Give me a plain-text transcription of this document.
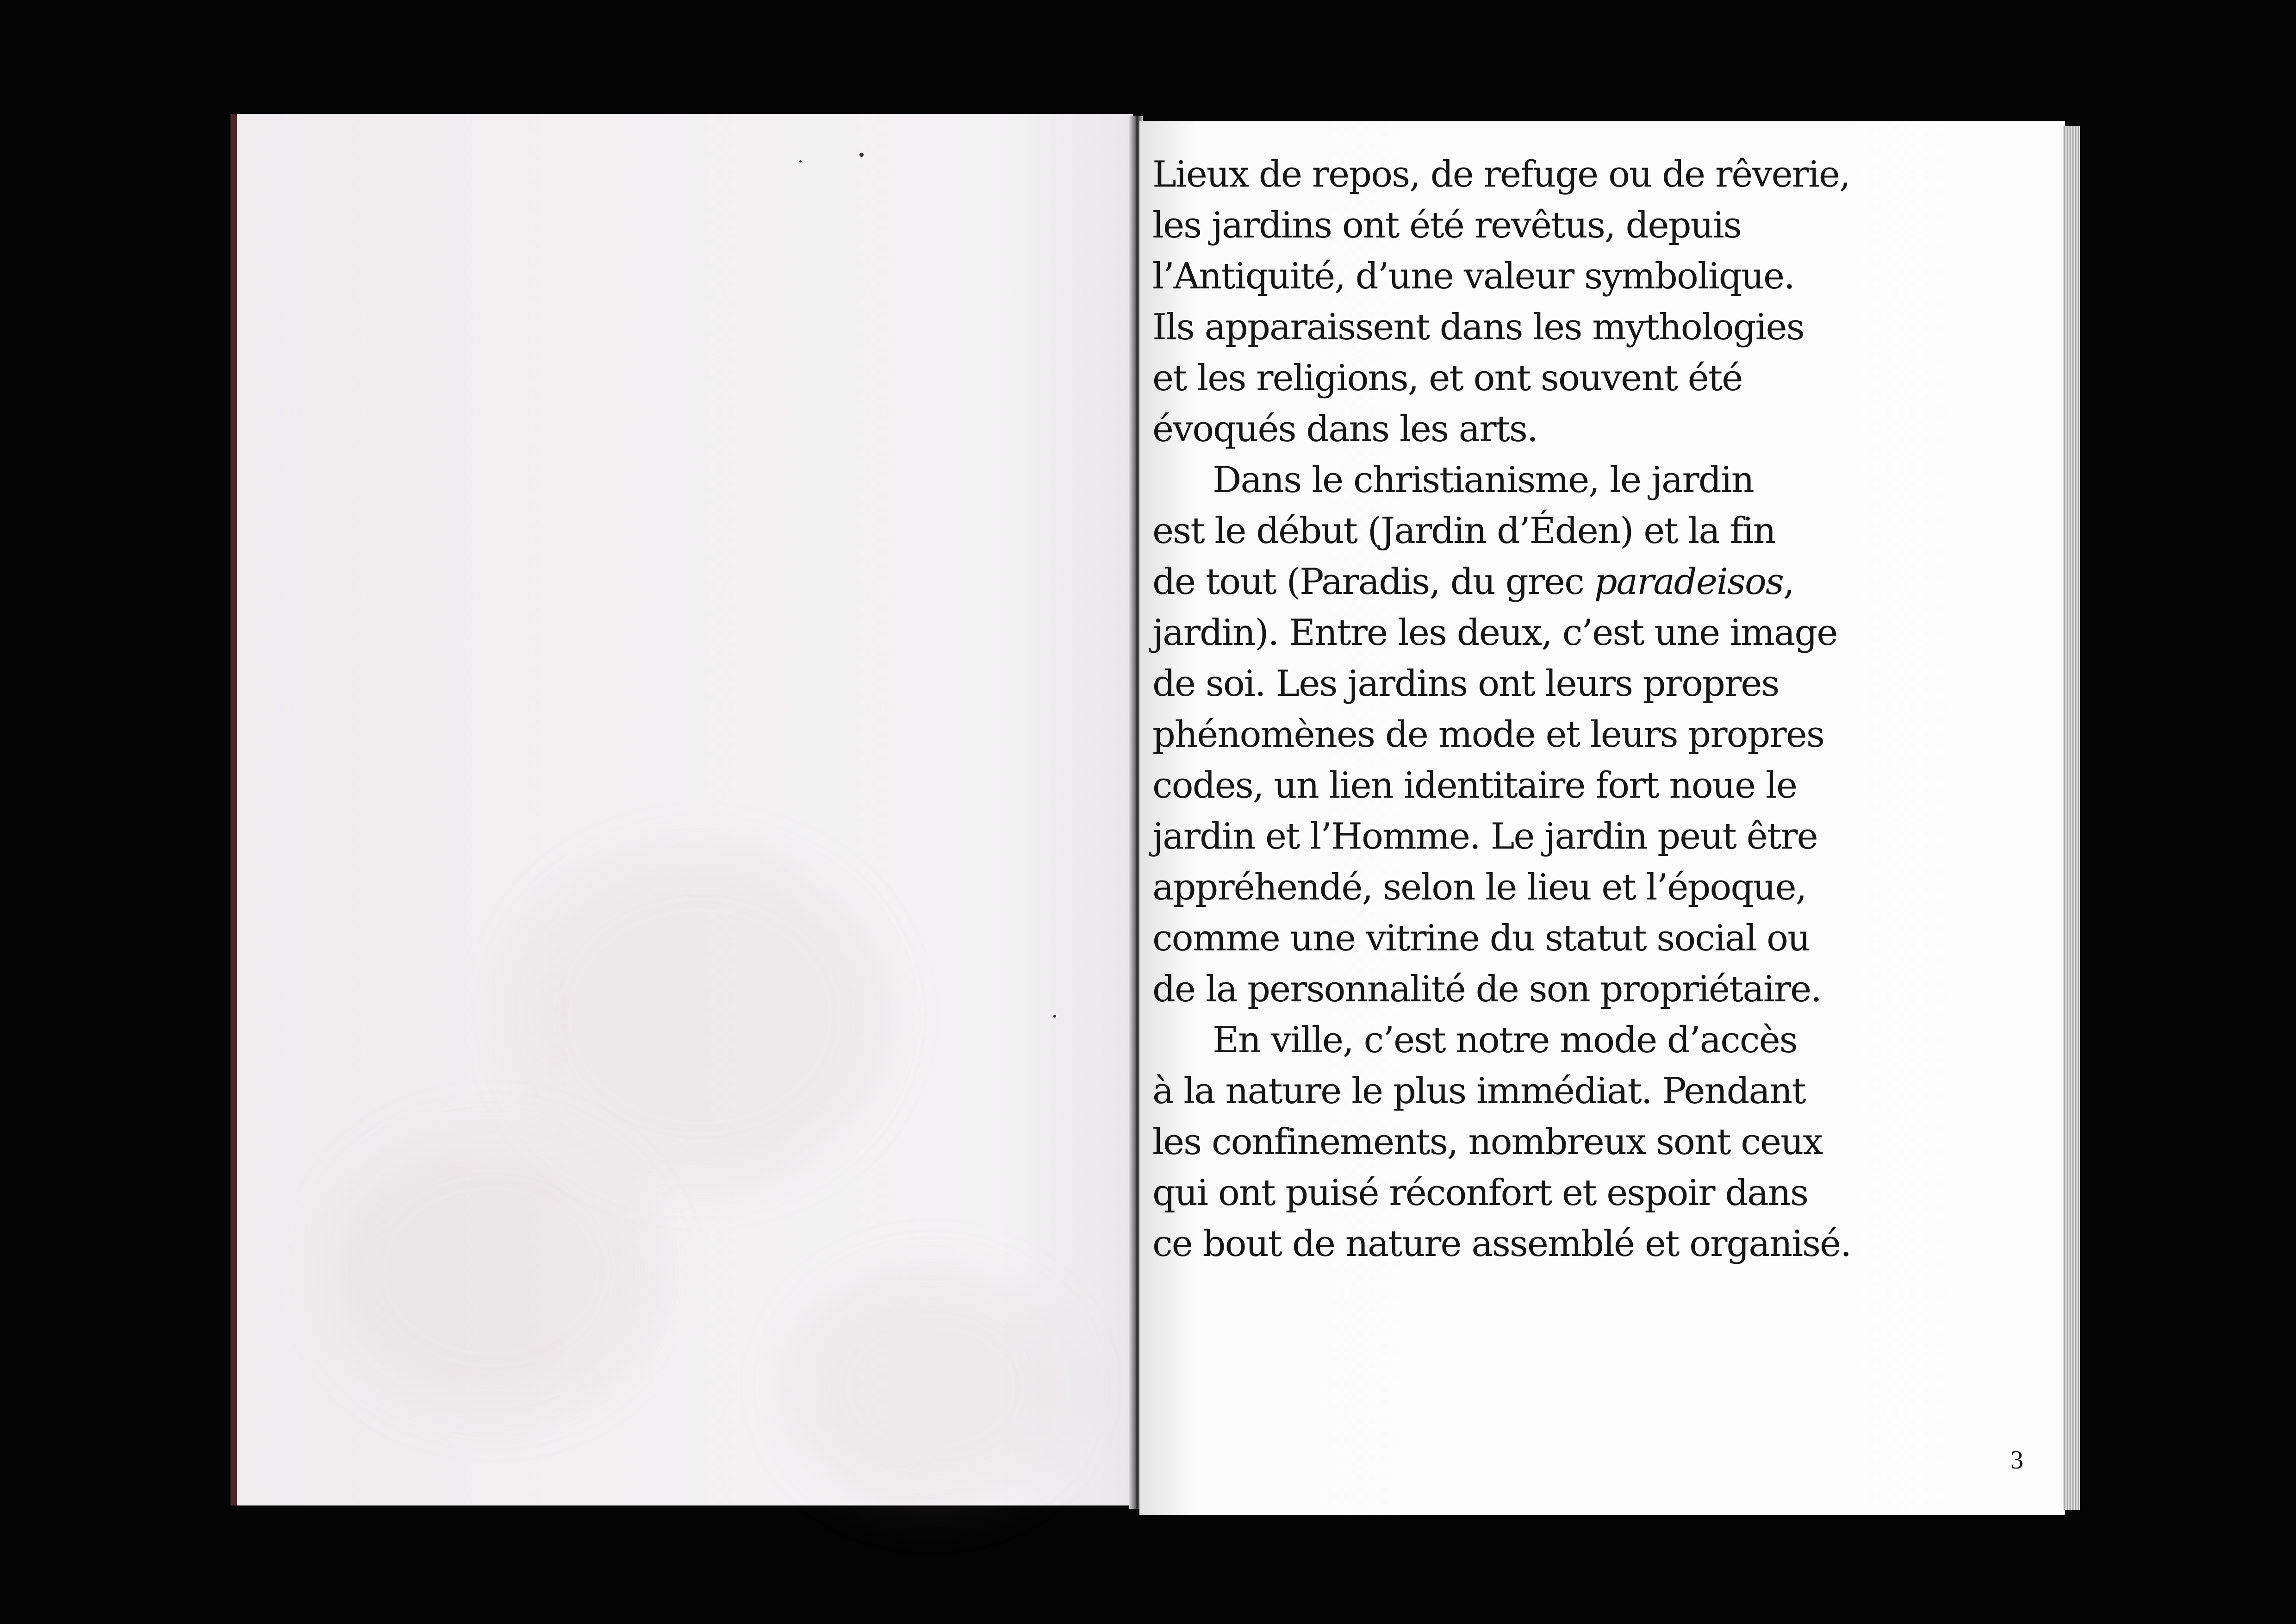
Lieux de repos, de refuge ou de rêverie,
les jardins ont été revêtus, depuis
l’Antiquité, d’une valeur symbolique.
Ils apparaissent dans les mythologies
et les religions, et ont souvent été
évoqués dans les arts.
Dans le christianisme, le jardin
est le début (Jardin d’Éden) et la fin
de tout (Paradis, du grec paradeisos,
jardin). Entre les deux, c’est une image
de soi. Les jardins ont leurs propres
phénomènes de mode et leurs propres
codes, un lien identitaire fort noue le
jardin et l’Homme. Le jardin peut être
appréhendé, selon le lieu et l’époque,
comme une vitrine du statut social ou
de la personnalité de son propriétaire.
En ville, c’est notre mode d’accès
à la nature le plus immédiat. Pendant
les confinements, nombreux sont ceux
qui ont puisé réconfort et espoir dans
ce bout de nature assemblé et organisé.
3
